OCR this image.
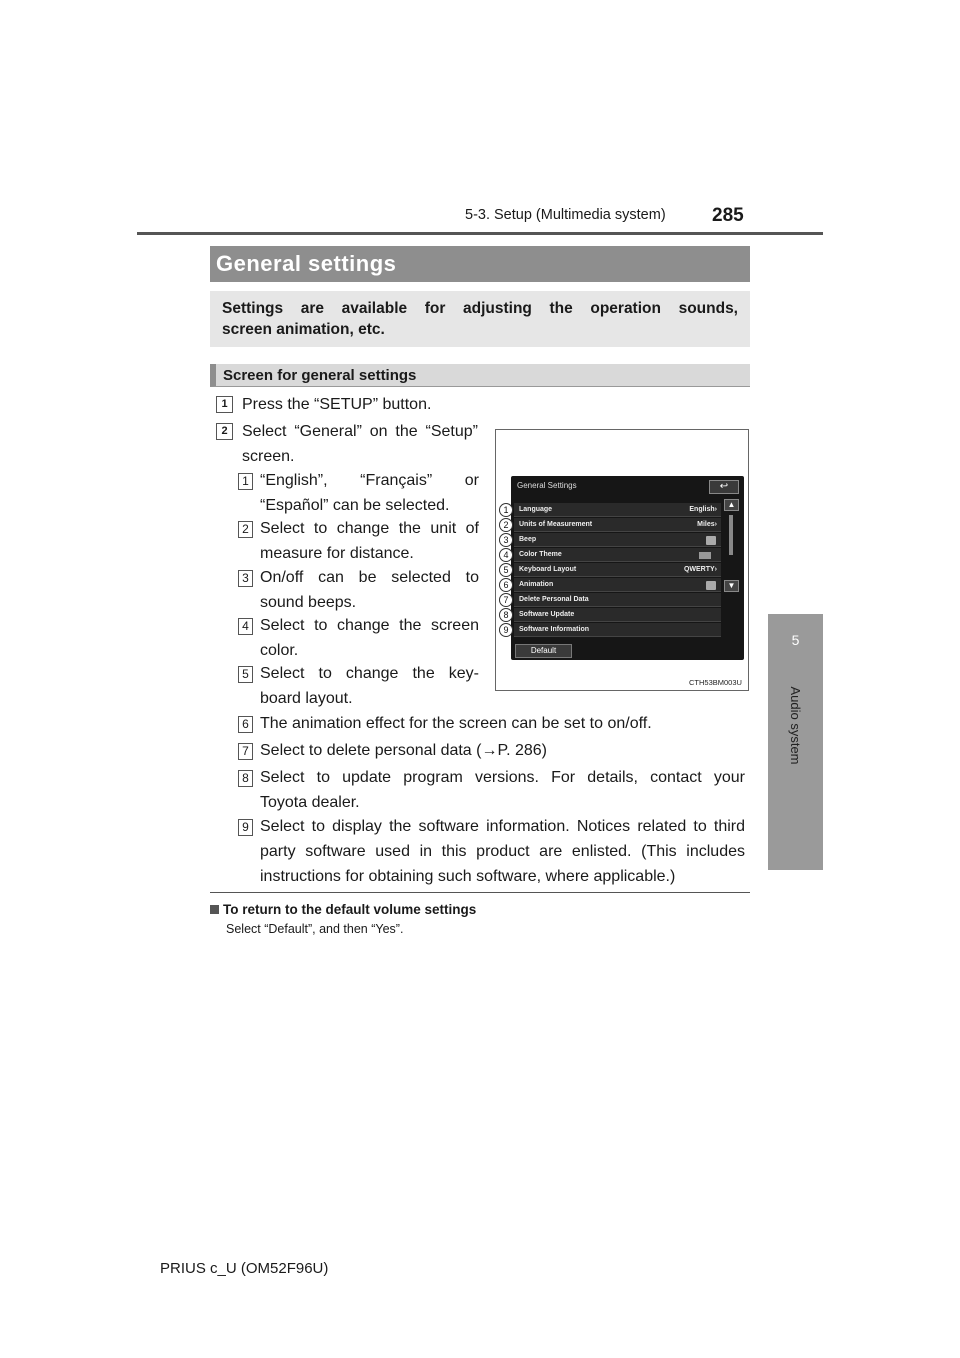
5-3. Setup (Multimedia system) 285
5
Audio system
General settings
Settings are available for adjusting the operation sounds,
screen animation, etc.
Screen for general settings
1 Press the “SETUP” button.
2 Select “General” on the “Setup”
screen.
1 “English”, “Français” or
“Español” can be selected.
2 Select to change the unit of
measure for distance.
3 On/off can be selected to
sound beeps.
4 Select to change the screen
color.
5 Select to change the key-
board layout.
6 The animation effect for the screen can be set to on/off.
7 Select to delete personal data (→P. 286)
8 Select to update program versions. For details, contact your
Toyota dealer.
9 Select to display the software information. Notices related to third
party software used in this product are enlisted. (This includes
instructions for obtaining such software, where applicable.)
General Settings	↩
Language	English›
Units of Measurement	Miles›
Beep
Color Theme
Keyboard Layout	QWERTY›
Animation
Delete Personal Data
Software Update
Software Information
▲
▼
Default
1
2
3
4
5
6
7
8
9
CTH53BM003U
To return to the default volume settings
Select “Default”, and then “Yes”.
PRIUS c_U (OM52F96U)
